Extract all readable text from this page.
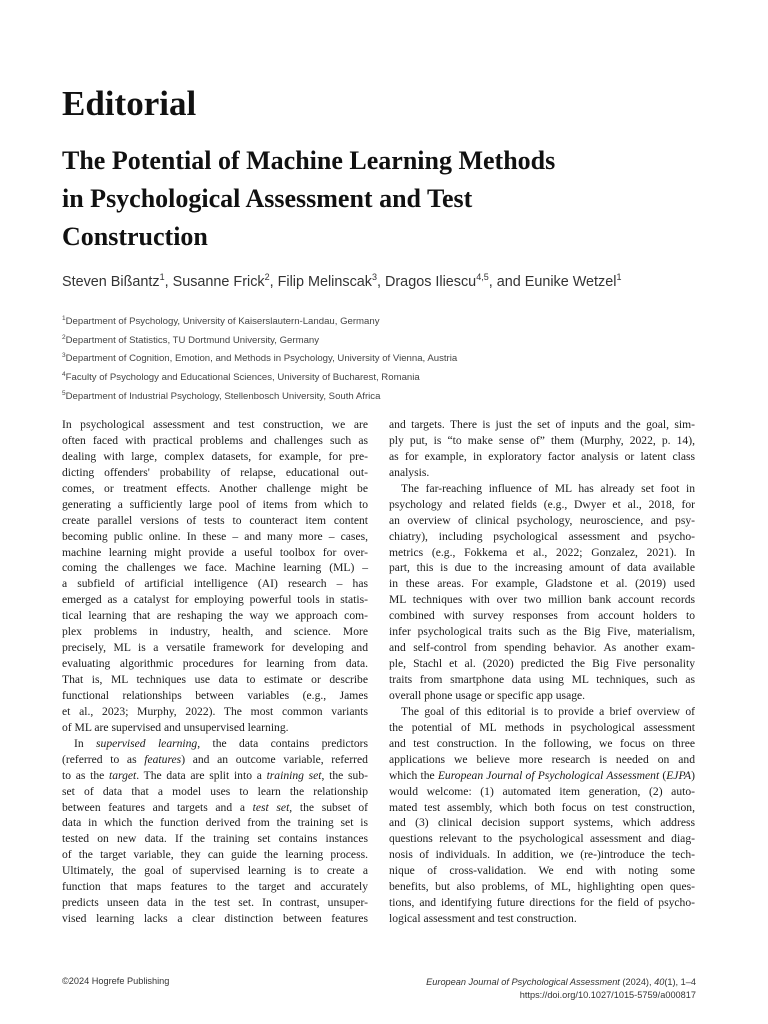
Editorial
The Potential of Machine Learning Methods
in Psychological Assessment and Test
Construction
Steven Bißantz$^1$, Susanne Frick$^2$, Filip Melinscak$^3$, Dragos Iliescu$^{4,5}$, and Eunike Wetzel$^1$
$^1$Department of Psychology, University of Kaiserslautern-Landau, Germany
$^2$Department of Statistics, TU Dortmund University, Germany
$^3$Department of Cognition, Emotion, and Methods in Psychology, University of Vienna, Austria
$^4$Faculty of Psychology and Educational Sciences, University of Bucharest, Romania
$^5$Department of Industrial Psychology, Stellenbosch University, South Africa
In psychological assessment and test construction, we are
often faced with practical problems and challenges such as
dealing with large, complex datasets, for example, for pre-
dicting offenders' probability of relapse, educational out-
comes, or treatment effects. Another challenge might be
generating a sufficiently large pool of items from which to
create parallel versions of tests to counteract item content
becoming public online. In these – and many more – cases,
machine learning might provide a useful toolbox for over-
coming the challenges we face. Machine learning (ML) –
a subfield of artificial intelligence (AI) research – has
emerged as a catalyst for employing powerful tools in statis-
tical learning that are reshaping the way we approach com-
plex problems in industry, health, and science. More
precisely, ML is a versatile framework for developing and
evaluating algorithmic procedures for learning from data.
That is, ML techniques use data to estimate or describe
functional relationships between variables (e.g., James
et al., 2023; Murphy, 2022). The most common variants
of ML are supervised and unsupervised learning.
In supervised learning, the data contains predictors
(referred to as features) and an outcome variable, referred
to as the target. The data are split into a training set, the sub-
set of data that a model uses to learn the relationship
between features and targets and a test set, the subset of
data in which the function derived from the training set is
tested on new data. If the training set contains instances
of the target variable, they can guide the learning process.
Ultimately, the goal of supervised learning is to create a
function that maps features to the target and accurately
predicts unseen data in the test set. In contrast, unsuper-
vised learning lacks a clear distinction between features
and targets. There is just the set of inputs and the goal, sim-
ply put, is “to make sense of” them (Murphy, 2022, p. 14),
as for example, in exploratory factor analysis or latent class
analysis.
The far-reaching influence of ML has already set foot in
psychology and related fields (e.g., Dwyer et al., 2018, for
an overview of clinical psychology, neuroscience, and psy-
chiatry), including psychological assessment and psycho-
metrics (e.g., Fokkema et al., 2022; Gonzalez, 2021). In
part, this is due to the increasing amount of data available
in these areas. For example, Gladstone et al. (2019) used
ML techniques with over two million bank account records
combined with survey responses from account holders to
infer psychological traits such as the Big Five, materialism,
and self-control from spending behavior. As another exam-
ple, Stachl et al. (2020) predicted the Big Five personality
traits from smartphone data using ML techniques, such as
overall phone usage or specific app usage.
The goal of this editorial is to provide a brief overview of
the potential of ML methods in psychological assessment
and test construction. In the following, we focus on three
applications we believe more research is needed on and
which the European Journal of Psychological Assessment (EJPA)
would welcome: (1) automated item generation, (2) auto-
mated test assembly, which both focus on test construction,
and (3) clinical decision support systems, which address
questions relevant to the psychological assessment and diag-
nosis of individuals. In addition, we (re-)introduce the tech-
nique of cross-validation. We end with noting some
benefits, but also problems, of ML, highlighting open ques-
tions, and identifying future directions for the field of psycho-
logical assessment and test construction.
©2024 Hogrefe Publishing	European Journal of Psychological Assessment (2024), 40(1), 1–4
https://doi.org/10.1027/1015-5759/a000817
